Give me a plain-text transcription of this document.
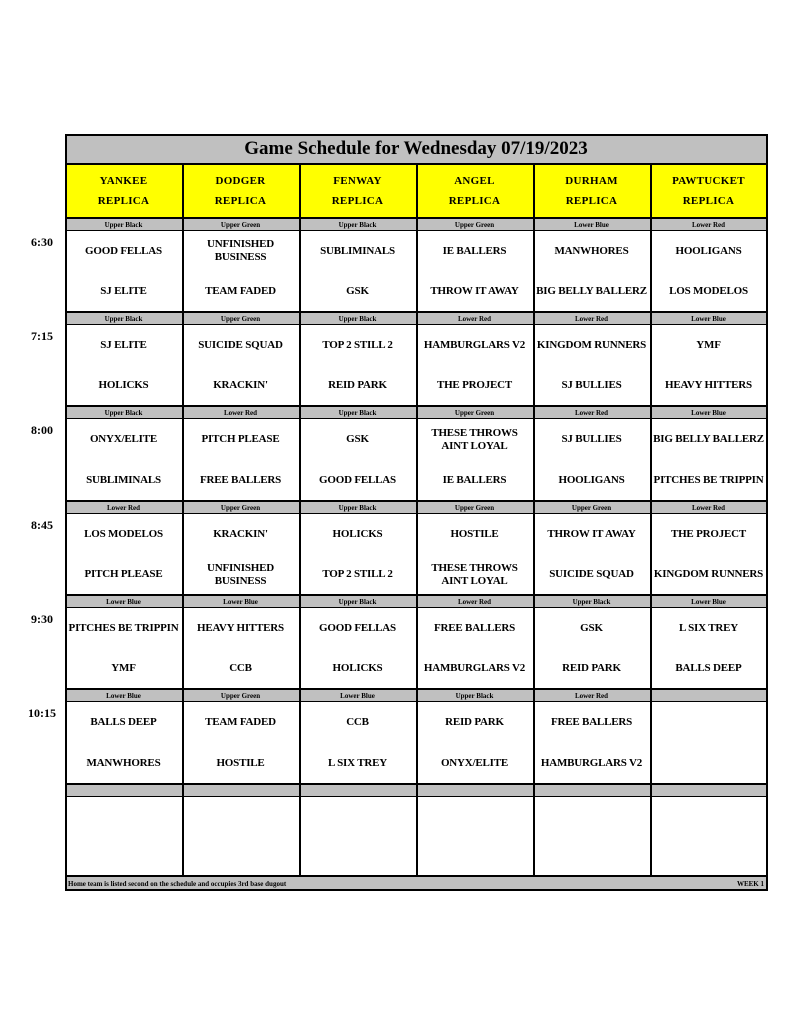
Game Schedule for Wednesday 07/19/2023
YANKEE
REPLICA
DODGER
REPLICA
FENWAY
REPLICA
ANGEL
REPLICA
DURHAM
REPLICA
PAWTUCKET
REPLICA
Upper Black
GOOD FELLAS
SJ ELITE
Upper Green
UNFINISHED BUSINESS
TEAM FADED
Upper Black
SUBLIMINALS
GSK
Upper Green
IE BALLERS
THROW IT AWAY
Lower Blue
MANWHORES
BIG BELLY BALLERZ
Lower Red
HOOLIGANS
LOS MODELOS
Upper Black
SJ ELITE
HOLICKS
Upper Green
SUICIDE SQUAD
KRACKIN'
Upper Black
TOP 2 STILL 2
REID PARK
Lower Red
HAMBURGLARS V2
THE PROJECT
Lower Red
KINGDOM RUNNERS
SJ BULLIES
Lower Blue
YMF
HEAVY HITTERS
Upper Black
ONYX/ELITE
SUBLIMINALS
Lower Red
PITCH PLEASE
FREE BALLERS
Upper Black
GSK
GOOD FELLAS
Upper Green
THESE THROWS AINT LOYAL
IE BALLERS
Lower Red
SJ BULLIES
HOOLIGANS
Lower Blue
BIG BELLY BALLERZ
PITCHES BE TRIPPIN
Lower Red
LOS MODELOS
PITCH PLEASE
Upper Green
KRACKIN'
UNFINISHED BUSINESS
Upper Black
HOLICKS
TOP 2 STILL 2
Upper Green
HOSTILE
THESE THROWS AINT LOYAL
Upper Green
THROW IT AWAY
SUICIDE SQUAD
Lower Red
THE PROJECT
KINGDOM RUNNERS
Lower Blue
PITCHES BE TRIPPIN
YMF
Lower Blue
HEAVY HITTERS
CCB
Upper Black
GOOD FELLAS
HOLICKS
Lower Red
FREE BALLERS
HAMBURGLARS V2
Upper Black
GSK
REID PARK
Lower Blue
L SIX TREY
BALLS DEEP
Lower Blue
BALLS DEEP
MANWHORES
Upper Green
TEAM FADED
HOSTILE
Lower Blue
CCB
L SIX TREY
Upper Black
REID PARK
ONYX/ELITE
Lower Red
FREE BALLERS
HAMBURGLARS V2
Home team is listed second on the schedule and occupies 3rd base dugout	WEEK 1
6:30
7:15
8:00
8:45
9:30
10:15
